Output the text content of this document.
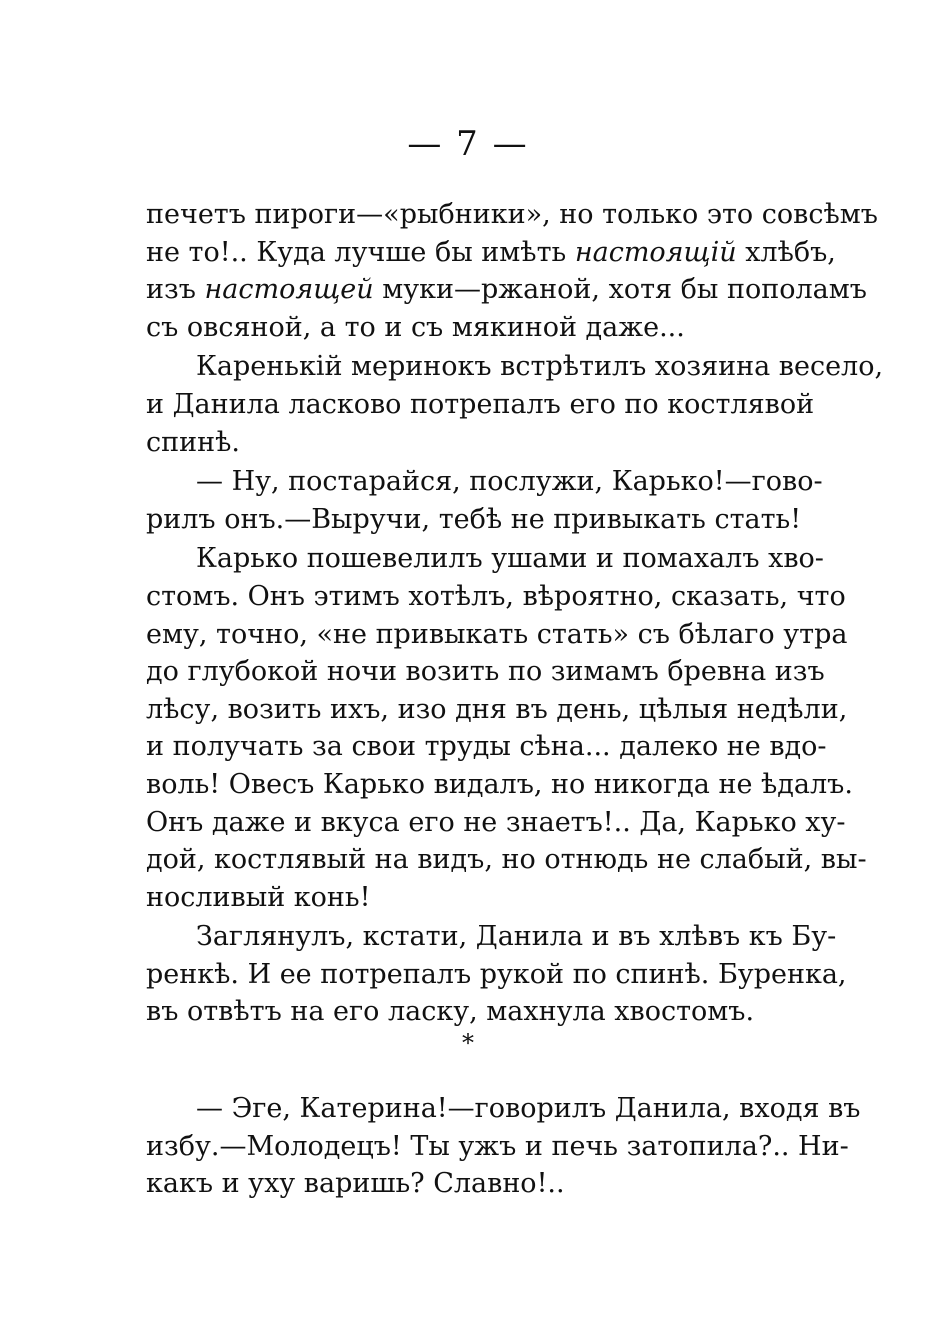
— 7 —
печетъ пироги—«рыбники», но только это совсѣмъ
не то!.. Куда лучше бы имѣть настоящій хлѣбъ,
изъ настоящей муки—ржаной, хотя бы пополамъ
съ овсяной, а то и съ мякиной даже...
Каренькій меринокъ встрѣтилъ хозяина весело,
и Данила ласково потрепалъ его по костлявой
спинѣ.
— Ну, постарайся, послужи, Карько!—гово-
рилъ онъ.—Выручи, тебѣ не привыкать стать!
Карько пошевелилъ ушами и помахалъ хво-
стомъ. Онъ этимъ хотѣлъ, вѣроятно, сказать, что
ему, точно, «не привыкать стать» съ бѣлаго утра
до глубокой ночи возить по зимамъ бревна изъ
лѣсу, возить ихъ, изо дня въ день, цѣлыя недѣли,
и получать за свои труды сѣна... далеко не вдо-
воль! Овесъ Карько видалъ, но никогда не ѣдалъ.
Онъ даже и вкуса его не знаетъ!.. Да, Карько ху-
дой, костлявый на видъ, но отнюдь не слабый, вы-
носливый конь!
Заглянулъ, кстати, Данила и въ хлѣвъ къ Бу-
ренкѣ. И ее потрепалъ рукой по спинѣ. Буренка,
въ отвѣтъ на его ласку, махнула хвостомъ.
*
— Эге, Катерина!—говорилъ Данила, входя въ
избу.—Молодецъ! Ты ужъ и печь затопила?.. Ни-
какъ и уху варишь? Славно!..
